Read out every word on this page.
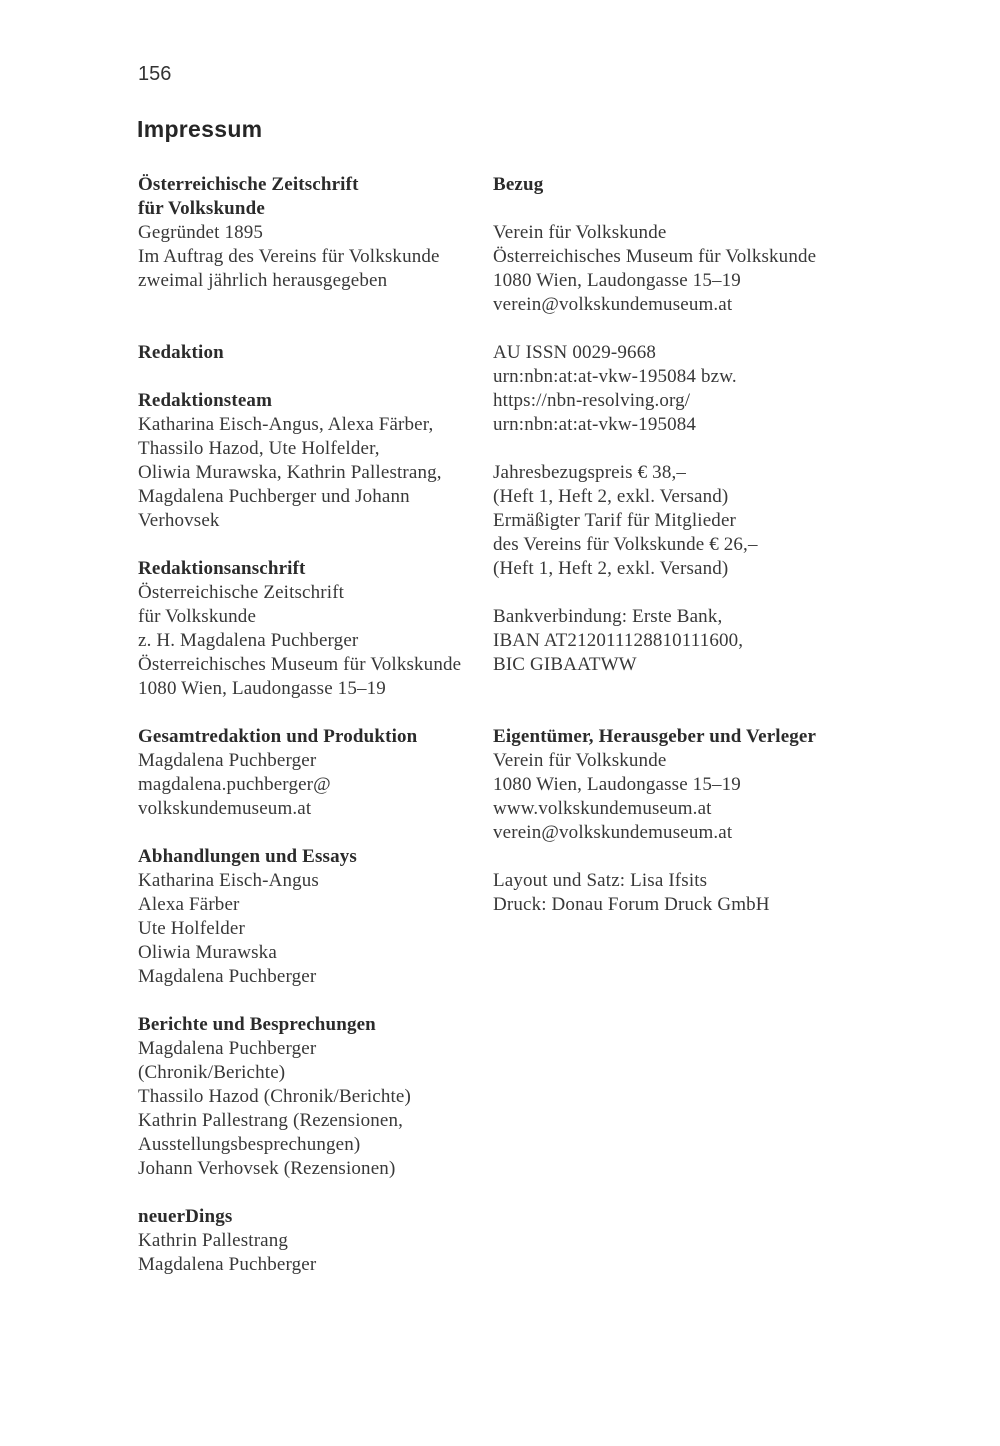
156
Impressum
Österreichische Zeitschrift
für Volkskunde
Gegründet 1895
Im Auftrag des Vereins für Volkskunde
zweimal jährlich herausgegeben

Redaktion

Redaktionsteam
Katharina Eisch-Angus, Alexa Färber,
Thassilo Hazod, Ute Holfelder,
Oliwia Murawska, Kathrin Pallestrang,
Magdalena Puchberger und Johann
Verhovsek

Redaktionsanschrift
Österreichische Zeitschrift
für Volkskunde
z. H. Magdalena Puchberger
Österreichisches Museum für Volkskunde
1080 Wien, Laudongasse 15–19

Gesamtredaktion und Produktion
Magdalena Puchberger
magdalena.puchberger@
volkskundemuseum.at

Abhandlungen und Essays
Katharina Eisch-Angus
Alexa Färber
Ute Holfelder
Oliwia Murawska
Magdalena Puchberger

Berichte und Besprechungen
Magdalena Puchberger
(Chronik/Berichte)
Thassilo Hazod (Chronik/Berichte)
Kathrin Pallestrang (Rezensionen,
Ausstellungsbesprechungen)
Johann Verhovsek (Rezensionen)

neuerDings
Kathrin Pallestrang
Magdalena Puchberger
Bezug

Verein für Volkskunde
Österreichisches Museum für Volkskunde
1080 Wien, Laudongasse 15–19
verein@volkskundemuseum.at

AU ISSN 0029-9668
urn:nbn:at:at-vkw-195084 bzw.
https://nbn-resolving.org/
urn:nbn:at:at-vkw-195084

Jahresbezugspreis € 38,–
(Heft 1, Heft 2, exkl. Versand)
Ermäßigter Tarif für Mitglieder
des Vereins für Volkskunde € 26,–
(Heft 1, Heft 2, exkl. Versand)

Bankverbindung: Erste Bank,
IBAN AT212011128810111600,
BIC GIBAATWW

Eigentümer, Herausgeber und Verleger
Verein für Volkskunde
1080 Wien, Laudongasse 15–19
www.volkskundemuseum.at
verein@volkskundemuseum.at

Layout und Satz: Lisa Ifsits
Druck: Donau Forum Druck GmbH
